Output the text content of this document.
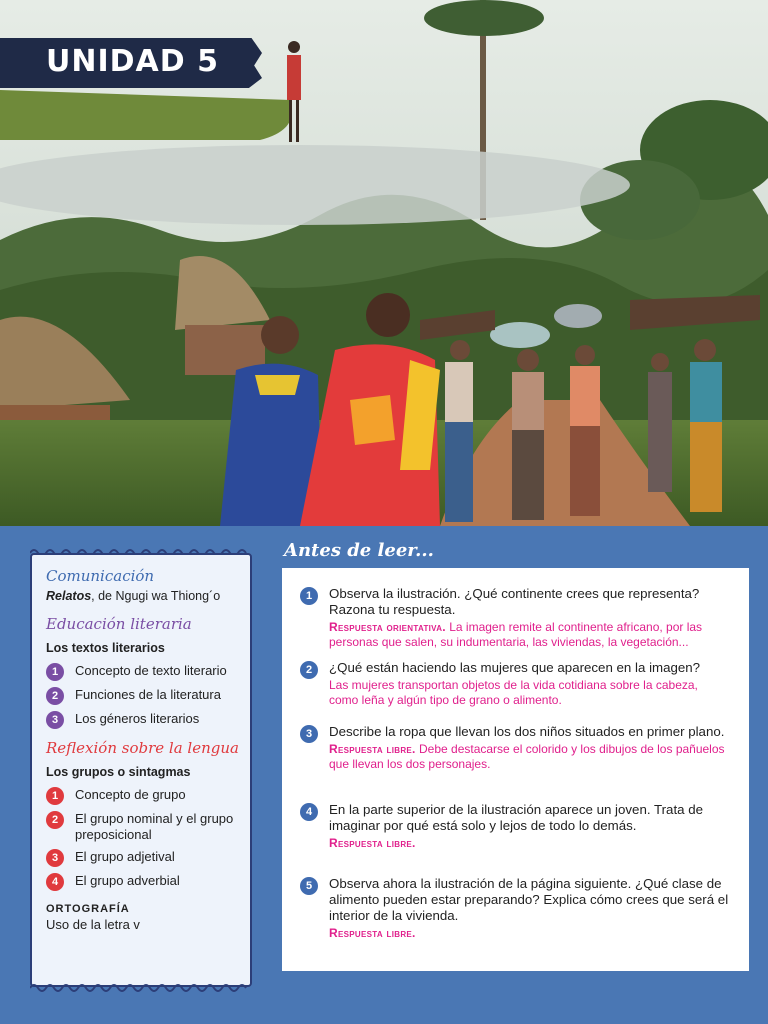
UNIDAD 5
Comunicación
Relatos, de Ngugi wa Thiong´o
Educación literaria
Los textos literarios
1	Concepto de texto literario
2	Funciones de la literatura
3	Los géneros literarios
Reflexión sobre la lengua
Los grupos o sintagmas
1	Concepto de grupo
2	El grupo nominal y el grupo preposicional
3	El grupo adjetival
4	El grupo adverbial
ORTOGRAFÍA
Uso de la letra v
Antes de leer...
1	Observa la ilustración. ¿Qué continente crees que representa? Razona tu respuesta.
Respuesta orientativa. La imagen remite al continente africano, por las personas que salen, su indumentaria, las viviendas, la vegetación...
2	¿Qué están haciendo las mujeres que aparecen en la imagen?
Las mujeres transportan objetos de la vida cotidiana sobre la cabeza, como leña y algún tipo de grano o alimento.
3	Describe la ropa que llevan los dos niños situados en primer plano.
Respuesta libre. Debe destacarse el colorido y los dibujos de los pañuelos que llevan los dos personajes.
4	En la parte superior de la ilustración aparece un joven. Trata de imaginar por qué está solo y lejos de todo lo demás.
Respuesta libre.
5	Observa ahora la ilustración de la página siguiente. ¿Qué clase de alimento pueden estar preparando? Explica cómo crees que será el interior de la vivienda.
Respuesta libre.
